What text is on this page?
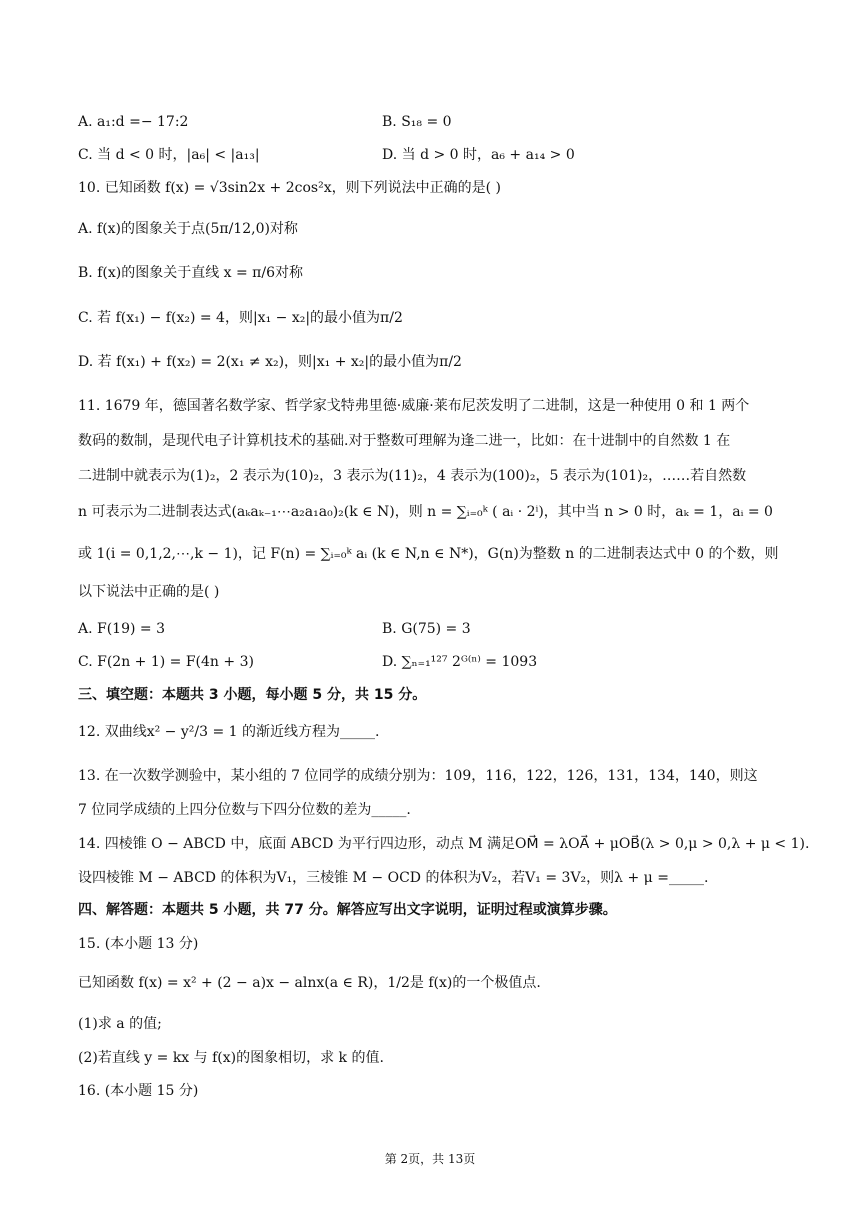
A. a₁:d =− 17:2	B. S₁₈ = 0
C. 当 d < 0 时，|a₆| < |a₁₃|	D. 当 d > 0 时，a₆ + a₁₄ > 0
10. 已知函数 f(x) = √3sin2x + 2cos²x，则下列说法中正确的是( )
A. f(x)的图象关于点(5π/12,0)对称
B. f(x)的图象关于直线 x = π/6对称
C. 若 f(x₁) − f(x₂) = 4，则|x₁ − x₂|的最小值为π/2
D. 若 f(x₁) + f(x₂) = 2(x₁ ≠ x₂)，则|x₁ + x₂|的最小值为π/2
11. 1679 年，德国著名数学家、哲学家戈特弗里德·威廉·莱布尼茨发明了二进制，这是一种使用 0 和 1 两个
数码的数制，是现代电子计算机技术的基础.对于整数可理解为逢二进一，比如：在十进制中的自然数 1 在
二进制中就表示为(1)₂，2 表示为(10)₂，3 表示为(11)₂，4 表示为(100)₂，5 表示为(101)₂，……若自然数
n 可表示为二进制表达式(aₖaₖ₋₁⋯a₂a₁a₀)₂(k ∈ N)，则 n = ∑ᵢ₌₀ᵏ ( aᵢ · 2ⁱ)，其中当 n > 0 时，aₖ = 1，aᵢ = 0
或 1(i = 0,1,2,⋯,k − 1)，记 F(n) = ∑ᵢ₌₀ᵏ aᵢ (k ∈ N,n ∈ N*)，G(n)为整数 n 的二进制表达式中 0 的个数，则
以下说法中正确的是( )
A. F(19) = 3	B. G(75) = 3
C. F(2n + 1) = F(4n + 3)	D. ∑ₙ₌₁¹²⁷ 2ᴳ⁽ⁿ⁾ = 1093
三、填空题：本题共 3 小题，每小题 5 分，共 15 分。
12. 双曲线x² − y²/3 = 1 的渐近线方程为_____.
13. 在一次数学测验中，某小组的 7 位同学的成绩分别为：109，116，122，126，131，134，140，则这
7 位同学成绩的上四分位数与下四分位数的差为_____.
14. 四棱锥 O − ABCD 中，底面 ABCD 为平行四边形，动点 M 满足OM⃗ = λOA⃗ + μOB⃗(λ > 0,μ > 0,λ + μ < 1).
设四棱锥 M − ABCD 的体积为V₁，三棱锥 M − OCD 的体积为V₂，若V₁ = 3V₂，则λ + μ =_____.
四、解答题：本题共 5 小题，共 77 分。解答应写出文字说明，证明过程或演算步骤。
15. (本小题 13 分)
已知函数 f(x) = x² + (2 − a)x − alnx(a ∈ R)，1/2是 f(x)的一个极值点.
(1)求 a 的值;
(2)若直线 y = kx 与 f(x)的图象相切，求 k 的值.
16. (本小题 15 分)
第 2页，共 13页
